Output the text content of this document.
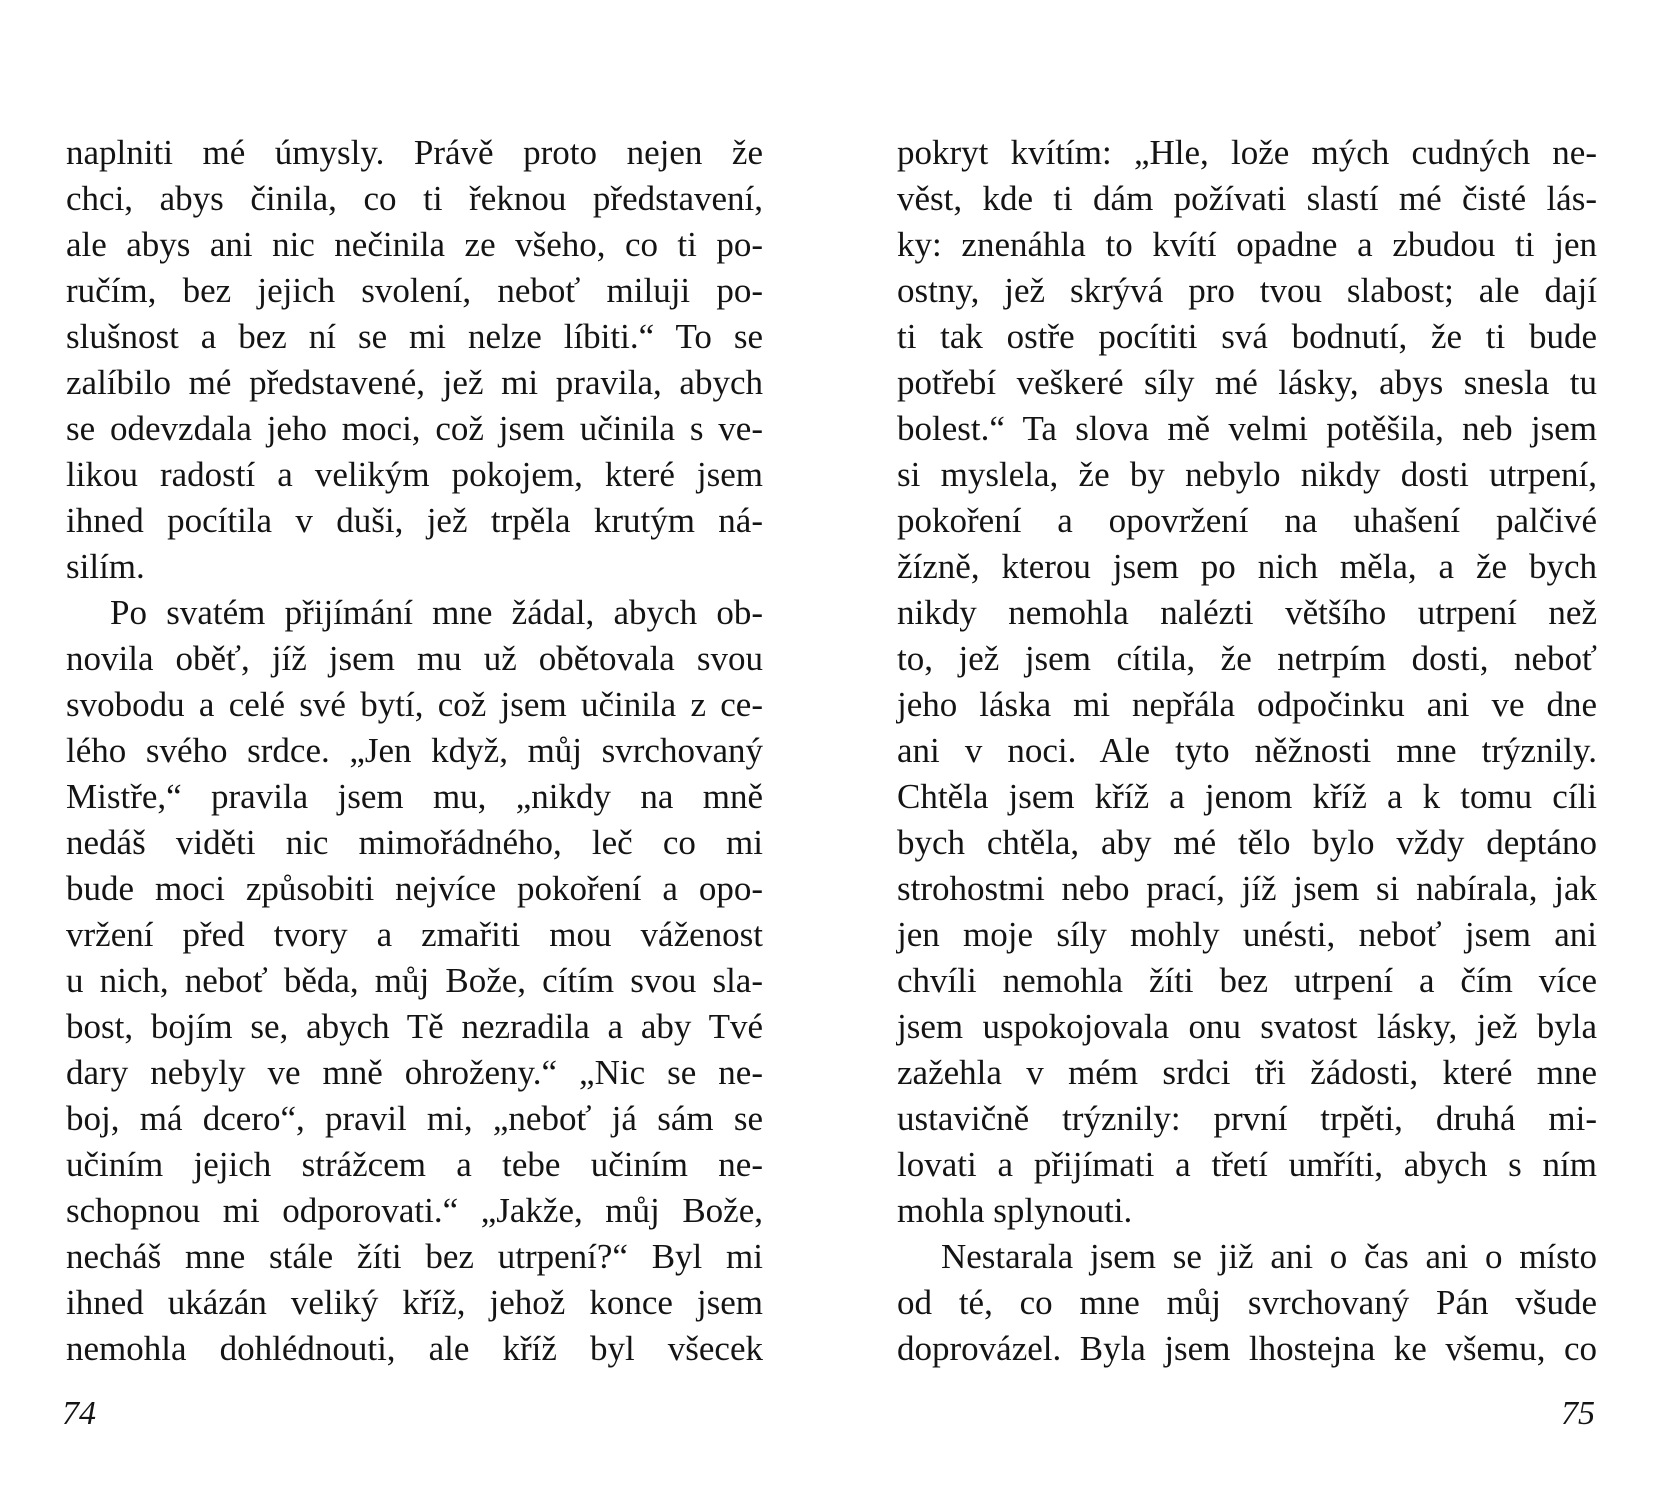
naplniti mé úmysly. Právě proto nejen že
chci, abys činila, co ti řeknou představení,
ale abys ani nic nečinila ze všeho, co ti po-
ručím, bez jejich svolení, neboť miluji po-
slušnost a bez ní se mi nelze líbiti.“ To se
zalíbilo mé představené, jež mi pravila, abych
se odevzdala jeho moci, což jsem učinila s ve-
likou radostí a velikým pokojem, které jsem
ihned pocítila v duši, jež trpěla krutým ná-
silím.
Po svatém přijímání mne žádal, abych ob-
novila oběť, jíž jsem mu už obětovala svou
svobodu a celé své bytí, což jsem učinila z ce-
lého svého srdce. „Jen když, můj svrchovaný
Mistře,“ pravila jsem mu, „nikdy na mně
nedáš viděti nic mimořádného, leč co mi
bude moci způsobiti nejvíce pokoření a opo-
vržení před tvory a zmařiti mou váženost
u nich, neboť běda, můj Bože, cítím svou sla-
bost, bojím se, abych Tě nezradila a aby Tvé
dary nebyly ve mně ohroženy.“ „Nic se ne-
boj, má dcero“, pravil mi, „neboť já sám se
učiním jejich strážcem a tebe učiním ne-
schopnou mi odporovati.“ „Jakže, můj Bože,
necháš mne stále žíti bez utrpení?“ Byl mi
ihned ukázán veliký kříž, jehož konce jsem
nemohla dohlédnouti, ale kříž byl všecek
74
pokryt kvítím: „Hle, lože mých cudných ne-
věst, kde ti dám požívati slastí mé čisté lás-
ky: znenáhla to kvítí opadne a zbudou ti jen
ostny, jež skrývá pro tvou slabost; ale dají
ti tak ostře pocítiti svá bodnutí, že ti bude
potřebí veškeré síly mé lásky, abys snesla tu
bolest.“ Ta slova mě velmi potěšila, neb jsem
si myslela, že by nebylo nikdy dosti utrpení,
pokoření a opovržení na uhašení palčivé
žízně, kterou jsem po nich měla, a že bych
nikdy nemohla nalézti většího utrpení než
to, jež jsem cítila, že netrpím dosti, neboť
jeho láska mi nepřála odpočinku ani ve dne
ani v noci. Ale tyto něžnosti mne trýznily.
Chtěla jsem kříž a jenom kříž a k tomu cíli
bych chtěla, aby mé tělo bylo vždy deptáno
strohostmi nebo prací, jíž jsem si nabírala, jak
jen moje síly mohly unésti, neboť jsem ani
chvíli nemohla žíti bez utrpení a čím více
jsem uspokojovala onu svatost lásky, jež byla
zažehla v mém srdci tři žádosti, které mne
ustavičně trýznily: první trpěti, druhá mi-
lovati a přijímati a třetí umříti, abych s ním
mohla splynouti.
Nestarala jsem se již ani o čas ani o místo
od té, co mne můj svrchovaný Pán všude
doprovázel. Byla jsem lhostejna ke všemu, co
75
